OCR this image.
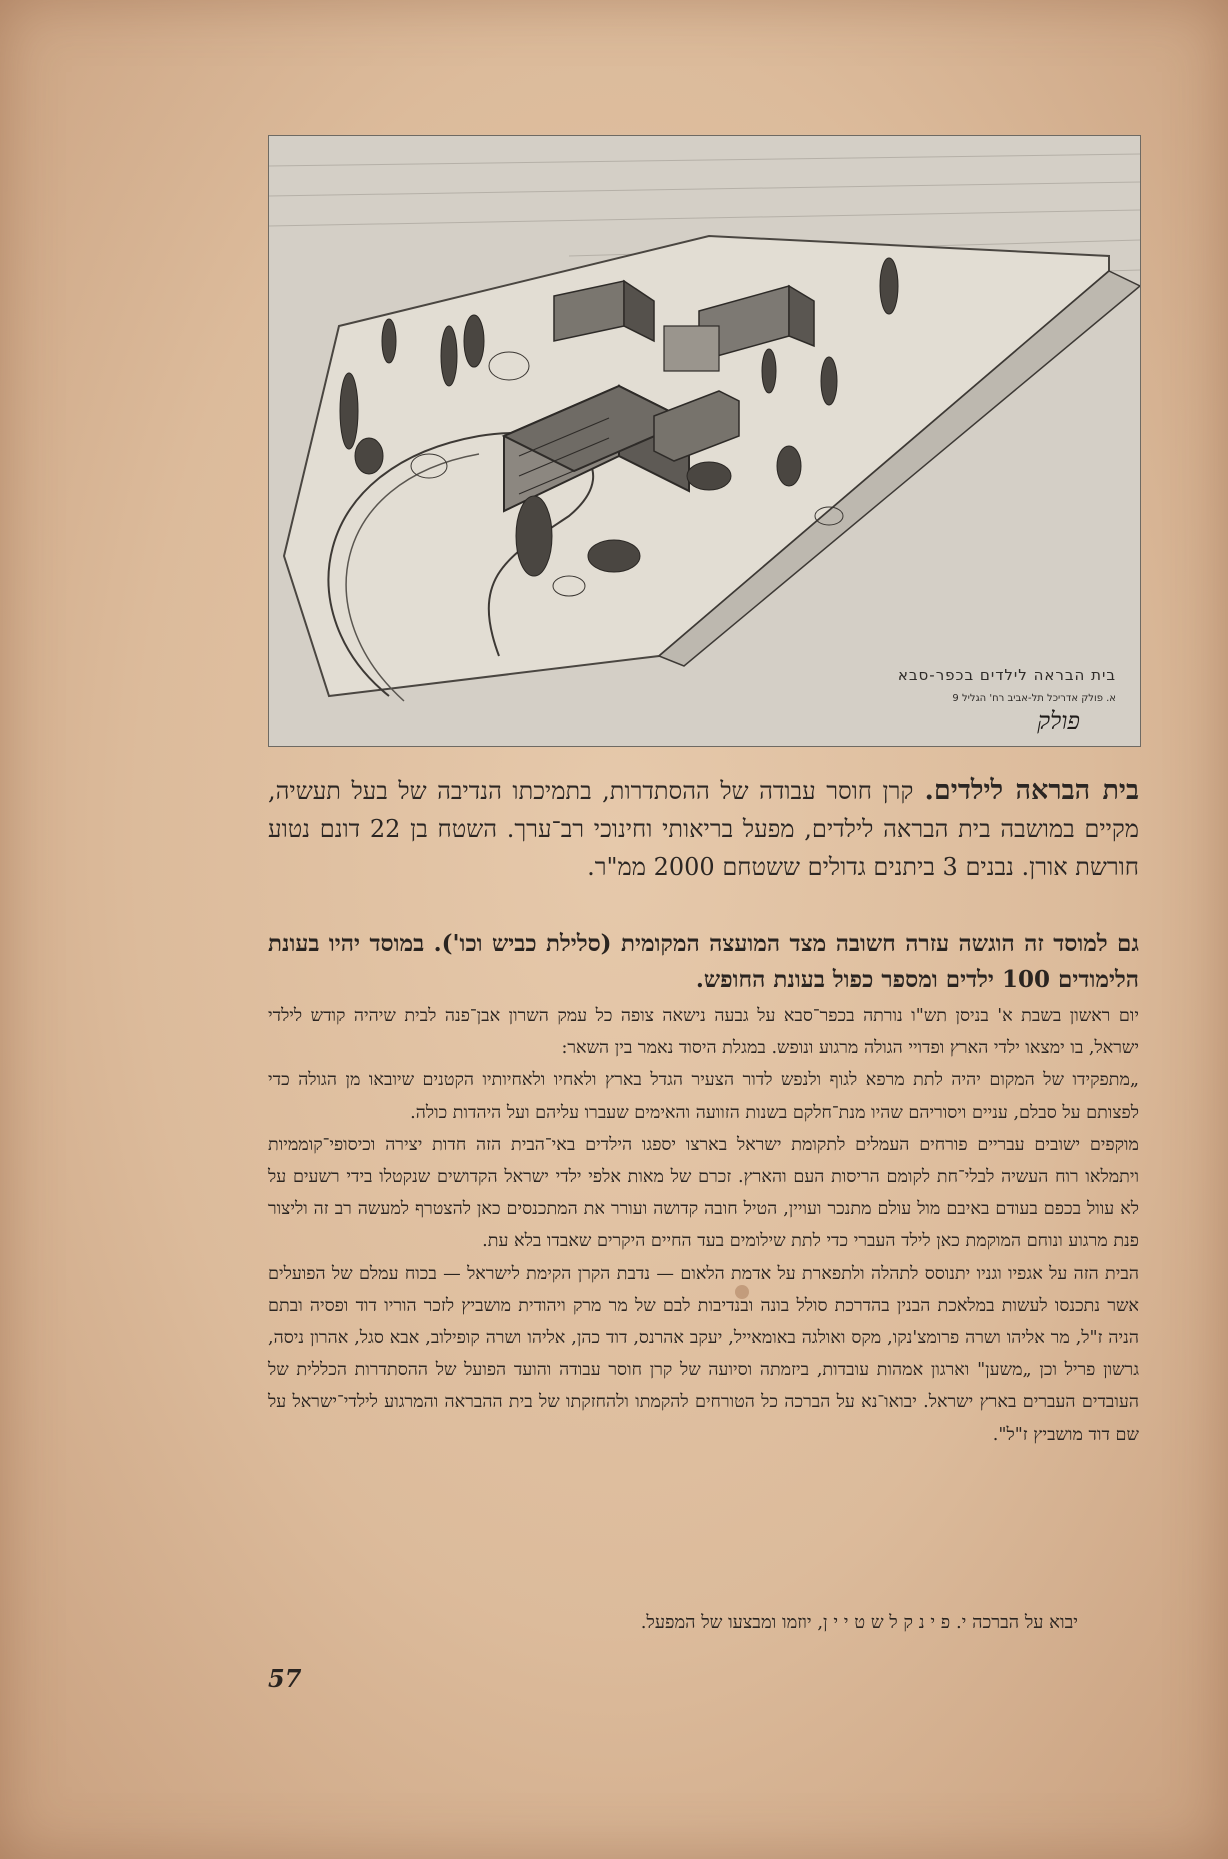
בית הבראה לילדים בכפר-סבא
א. פולק אדריכל תל-אביב רח' הגליל 9
פולק
בית הבראה לילדים. קרן חוסר עבודה של ההסתדרות, בתמיכתו הנדיבה של בעל תעשיה, מקיים במושבה בית הבראה לילדים, מפעל בריאותי וחינוכי רב־ערך. השטח בן 22 דונם נטוע חורשת אורן. נבנים 3 ביתנים גדולים ששטחם 2000 ממ"ר.
גם למוסד זה הוגשה עזרה חשובה מצד המועצה המקומית (סלילת כביש וכו'). במוסד יהיו בעונת הלימודים 100 ילדים ומספר כפול בעונת החופש.

יום ראשון בשבת א' בניסן תש"ו נורתה בכפר־סבא על גבעה נישאה צופה כל עמק השרון אבן־פנה לבית שיהיה קודש לילדי ישראל, בו ימצאו ילדי הארץ ופדויי הגולה מרגוע ונופש. במגלת היסוד נאמר בין השאר:

„מתפקידו של המקום יהיה לתת מרפא לגוף ולנפש לדור הצעיר הגדל בארץ ולאחיו ולאחיותיו הקטנים שיובאו מן הגולה כדי לפצותם על סבלם, עניים ויסוריהם שהיו מנת־חלקם בשנות הזוועה והאימים שעברו עליהם ועל היהדות כולה.

מוקפים ישובים עבריים פורחים העמלים לתקומת ישראל בארצו יספגו הילדים באי־הבית הזה חדות יצירה וכיסופי־קוממיות ויתמלאו רוח העשיה לבלי־חת לקומם הריסות העם והארץ. זכרם של מאות אלפי ילדי ישראל הקדושים שנקטלו בידי רשעים על לא עוול בכפם בעודם באיבם מול עולם מתנכר ועויין, הטיל חובה קדושה ועורר את המתכנסים כאן להצטרף למעשה רב זה וליצור פנת מרגוע ונוחם המוקמת כאן לילד העברי כדי לתת שילומים בעד החיים היקרים שאבדו בלא עת.

הבית הזה על אגפיו וגניו יתנוסס לתהלה ולתפארת על אדמת הלאום — נדבת הקרן הקימת לישראל — בכוח עמלם של הפועלים אשר נתכנסו לעשות במלאכת הבנין בהדרכת סולל בונה ובנדיבות לבם של מר מרק ויהודית מושביץ לזכר הוריו דוד ופסיה ובתם הניה ז"ל, מר אליהו ושרה פרומצ'נקו, מקס ואולגה באומאייל, יעקב אהרנס, דוד כהן, אליהו ושרה קופילוב, אבא סגל, אהרון ניסה, גרשון פריל וכן „משען" וארגון אמהות עובדות, ביזמתה וסיועה של קרן חוסר עבודה והועד הפועל של ההסתדרות הכללית של העובדים העברים בארץ ישראל. יבואו־נא על הברכה כל הטורחים להקמתו ולהחזקתו של בית ההבראה והמרגוע לילדי־ישראל על שם דוד מושביץ ז"ל".

יבוא על הברכה י. פ י נ ק ל ש ט י י ן, יוזמו ומבצעו של המפעל.
57
